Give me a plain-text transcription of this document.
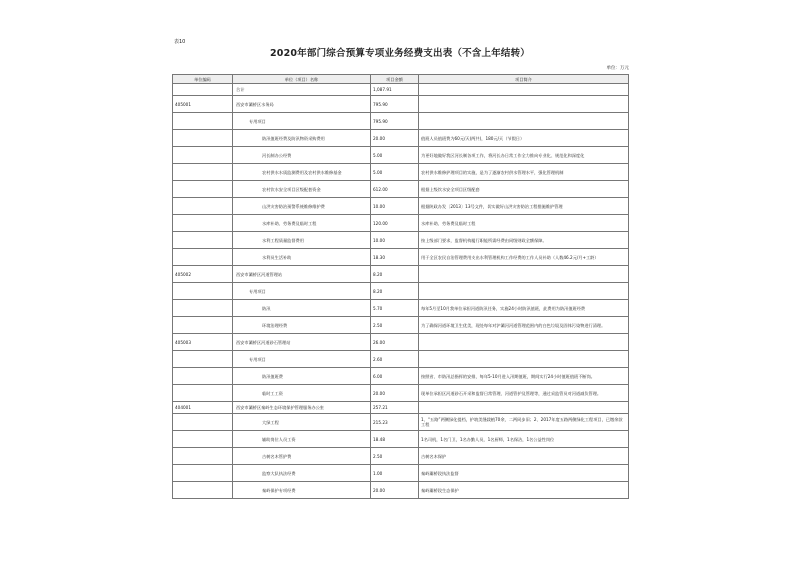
表10
2020年部门综合预算专项业务经费支出表（不含上年结转）
单位：万元
单位编码	单位（项目）名称	项目金额	项目简介
	合计	1,087.91	
405001	西安市灞桥区水务局	795.90	
	专用项目	795.90	
	防汛值班经费及防汛物资采购费用	20.00	值班人员值班费为60元/天(两共)，180元/天（节假日）
	河长制办公经费	5.00	为更好地做好我区河长制各项工作，将河长办日常工作全力推向专业化、规范化和深度化
	农村供水水质监测费用及农村供水维修基金	5.00	农村供水维修护理项目的实施，是为了逐渐农村供水管理水平，强化管理机制
	农村饮水安全项目区级配套资金	612.00	根据上级饮水安全项目区级配套
	山洪灾害防治预警系统维修维护费	10.00	根据陕政办发〔2013〕13号文件，切实做好山洪灾害防治工程措施维护管理
	水库补助、劳务费及临时工程	120.00	水库补助、劳务费及临时工程
	水利工程质量监督费用	10.00	按上级部门要求，监督机构履行职能所需经费由同级财政全额保障。
	水利员生活补助	18.30	用于全区农民自治管理费用支出水利管理机构工作经费的工作人员补助（人数46.2元/月+工龄）
405002	西安市灞桥区河道管理站	8.20	
	专用项目	8.20	
	防汛	5.70	每年5月至10月我单位承担河道防汛任务，实施24小时防汛值班，此费用为防汛值班经费
	环境治理经费	2.50	为了确保河道环境卫生优美，现处每年对沪灞河河道管理范围内的白色垃圾及固体污染物进行清理。
405003	西安市灞桥区河道砂石管理站	26.00	
	专用项目	2.60	
	防汛值班费	6.00	按照省、市防汛总指挥的安排，每年5-10月进入汛期值班，期间实行24小时值班值班不断岗。
	临时工工资	20.00	现单位承担区河道砂石开采和监督日常管理、河道管护及管理等，通过采监管员对河道减负管理。
404001	西安市灞桥区秦岭生态环境保护管理服务办公室	257.21	
	大绿工程	215.23	1、“五路”两侧绿化提档，护坡美缝栽植70余，二两同步旧；2、2017年度五路两侧绿化工程项目，已缴余款工程
	辅助岗位人员工资	18.48	1名司机，1名门卫，1名办勤人员，1名厨师，1名保洁，1名公益性岗位
	古树名木管护费	2.50	古树名木保护
	监察大队执法经费	1.00	秦岭灞桥段执法监督
	秦岭保护专项经费	20.00	秦岭灞桥段生态保护
